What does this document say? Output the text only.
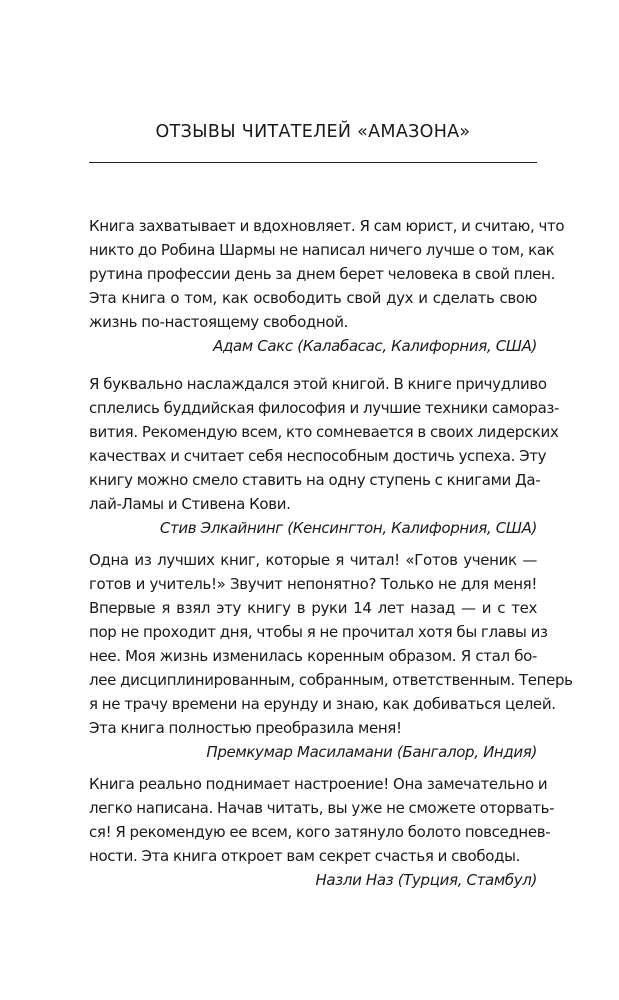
ОТЗЫВЫ ЧИТАТЕЛЕЙ «АМАЗОНА»

Книга захватывает и вдохновляет. Я сам юрист, и считаю, что
никто до Робина Шармы не написал ничего лучше о том, как
рутина профессии день за днем берет человека в свой плен.
Эта книга о том, как освободить свой дух и сделать свою
жизнь по-настоящему свободной.

Адам Сакс (Калабасас, Калифорния, США)

Я буквально наслаждался этой книгой. В книге причудливо
сплелись буддийская философия и лучшие техники самораз-
вития. Рекомендую всем, кто сомневается в своих лидерских
качествах и считает себя неспособным достичь успеха. Эту
книгу можно смело ставить на одну ступень с книгами Да-
лай-Ламы и Стивена Кови.

Стив Элкайнинг (Кенсингтон, Калифорния, США)

Одна из лучших книг, которые я читал! «Готов ученик —
готов и учитель!» Звучит непонятно? Только не для меня!
Впервые я взял эту книгу в руки 14 лет назад — и с тех
пор не проходит дня, чтобы я не прочитал хотя бы главы из
нее. Моя жизнь изменилась коренным образом. Я стал бо-
лее дисциплинированным, собранным, ответственным. Теперь
я не трачу времени на ерунду и знаю, как добиваться целей.
Эта книга полностью преобразила меня!

Премкумар Масиламани (Бангалор, Индия)

Книга реально поднимает настроение! Она замечательно и
легко написана. Начав читать, вы уже не сможете оторвать-
ся! Я рекомендую ее всем, кого затянуло болото повседнев-
ности. Эта книга откроет вам секрет счастья и свободы.

Назли Наз (Турция, Стамбул)
